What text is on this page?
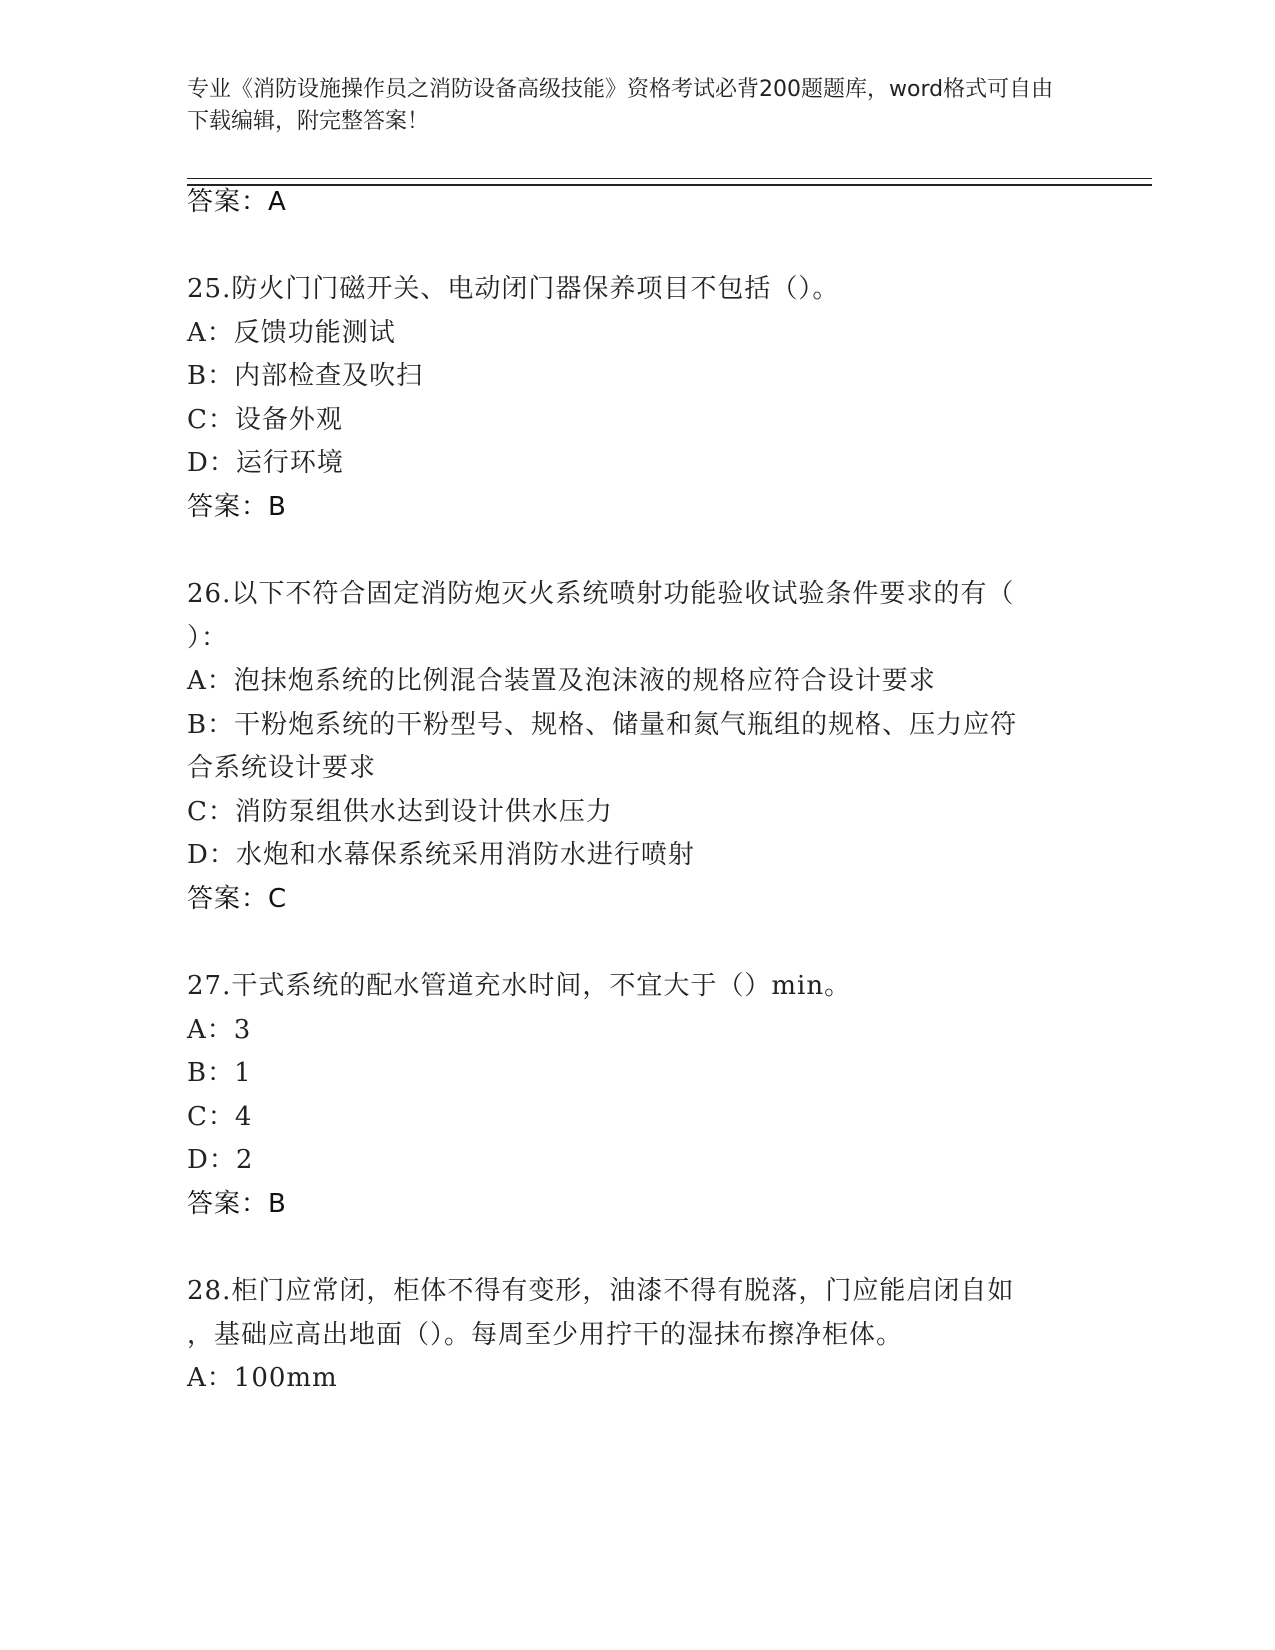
专业《消防设施操作员之消防设备高级技能》资格考试必背200题题库，word格式可自由下载编辑，附完整答案！
答案：A
25.防火门门磁开关、电动闭门器保养项目不包括（）。
A：反馈功能测试
B：内部检查及吹扫
C：设备外观
D：运行环境
答案：B
26.以下不符合固定消防炮灭火系统喷射功能验收试验条件要求的有（
）：
A：泡抹炮系统的比例混合装置及泡沫液的规格应符合设计要求
B：干粉炮系统的干粉型号、规格、储量和氮气瓶组的规格、压力应符
合系统设计要求
C：消防泵组供水达到设计供水压力
D：水炮和水幕保系统采用消防水进行喷射
答案：C
27.干式系统的配水管道充水时间，不宜大于（）min。
A：3
B：1
C：4
D：2
答案：B
28.柜门应常闭，柜体不得有变形，油漆不得有脱落，门应能启闭自如
，基础应高出地面（）。每周至少用拧干的湿抹布擦净柜体。
A：100mm
